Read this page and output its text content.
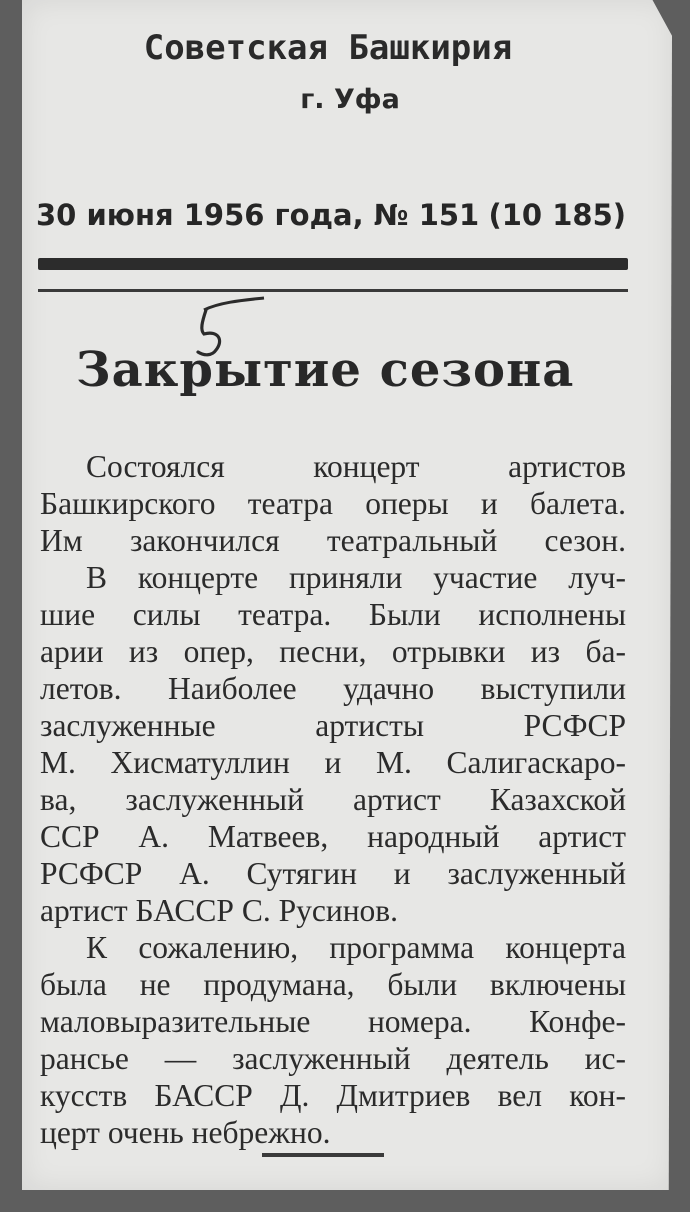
Советская Башкирия
г. Уфа
30 июня 1956 года, № 151 (10 185)
Закрытие сезона
Состоялся концерт артистов
Башкирского театра оперы и балета.
Им закончился театральный сезон.
В концерте приняли участие луч-
шие силы театра. Были исполнены
арии из опер, песни, отрывки из ба-
летов. Наиболее удачно выступили
заслуженные артисты РСФСР
М. Хисматуллин и М. Салигаскаро-
ва, заслуженный артист Казахской
ССР А. Матвеев, народный артист
РСФСР А. Сутягин и заслуженный
артист БАССР С. Русинов.
К сожалению, программа концерта
была не продумана, были включены
маловыразительные номера. Конфе-
рансье — заслуженный деятель ис-
кусств БАССР Д. Дмитриев вел кон-
церт очень небрежно.
